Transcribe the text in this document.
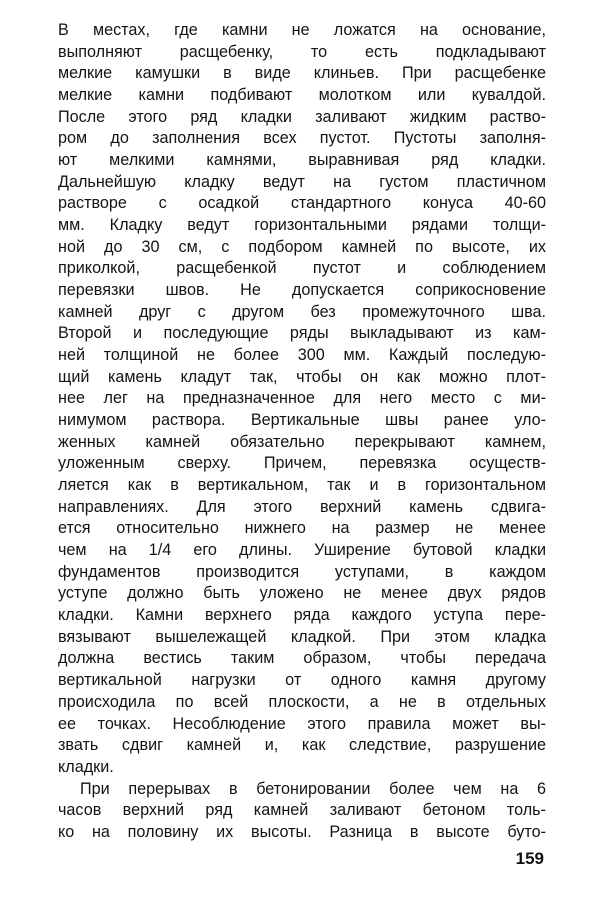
В местах, где камни не ложатся на основание,
выполняют расщебенку, то есть подкладывают
мелкие камушки в виде клиньев. При расщебенке
мелкие камни подбивают молотком или кувалдой.
После этого ряд кладки заливают жидким раство-
ром до заполнения всех пустот. Пустоты заполня-
ют мелкими камнями, выравнивая ряд кладки.
Дальнейшую кладку ведут на густом пластичном
растворе с осадкой стандартного конуса 40-60
мм. Кладку ведут горизонтальными рядами толщи-
ной до 30 см, с подбором камней по высоте, их
приколкой, расщебенкой пустот и соблюдением
перевязки швов. Не допускается соприкосновение
камней друг с другом без промежуточного шва.
Второй и последующие ряды выкладывают из кам-
ней толщиной не более 300 мм. Каждый последую-
щий камень кладут так, чтобы он как можно плот-
нее лег на предназначенное для него место с ми-
нимумом раствора. Вертикальные швы ранее уло-
женных камней обязательно перекрывают камнем,
уложенным сверху. Причем, перевязка осуществ-
ляется как в вертикальном, так и в горизонтальном
направлениях. Для этого верхний камень сдвига-
ется относительно нижнего на размер не менее
чем на 1/4 его длины. Уширение бутовой кладки
фундаментов производится уступами, в каждом
уступе должно быть уложено не менее двух рядов
кладки. Камни верхнего ряда каждого уступа пере-
вязывают вышележащей кладкой. При этом кладка
должна вестись таким образом, чтобы передача
вертикальной нагрузки от одного камня другому
происходила по всей плоскости, а не в отдельных
ее точках. Несоблюдение этого правила может вы-
звать сдвиг камней и, как следствие, разрушение
кладки.
При перерывах в бетонировании более чем на 6
часов верхний ряд камней заливают бетоном толь-
ко на половину их высоты. Разница в высоте буто-
159
